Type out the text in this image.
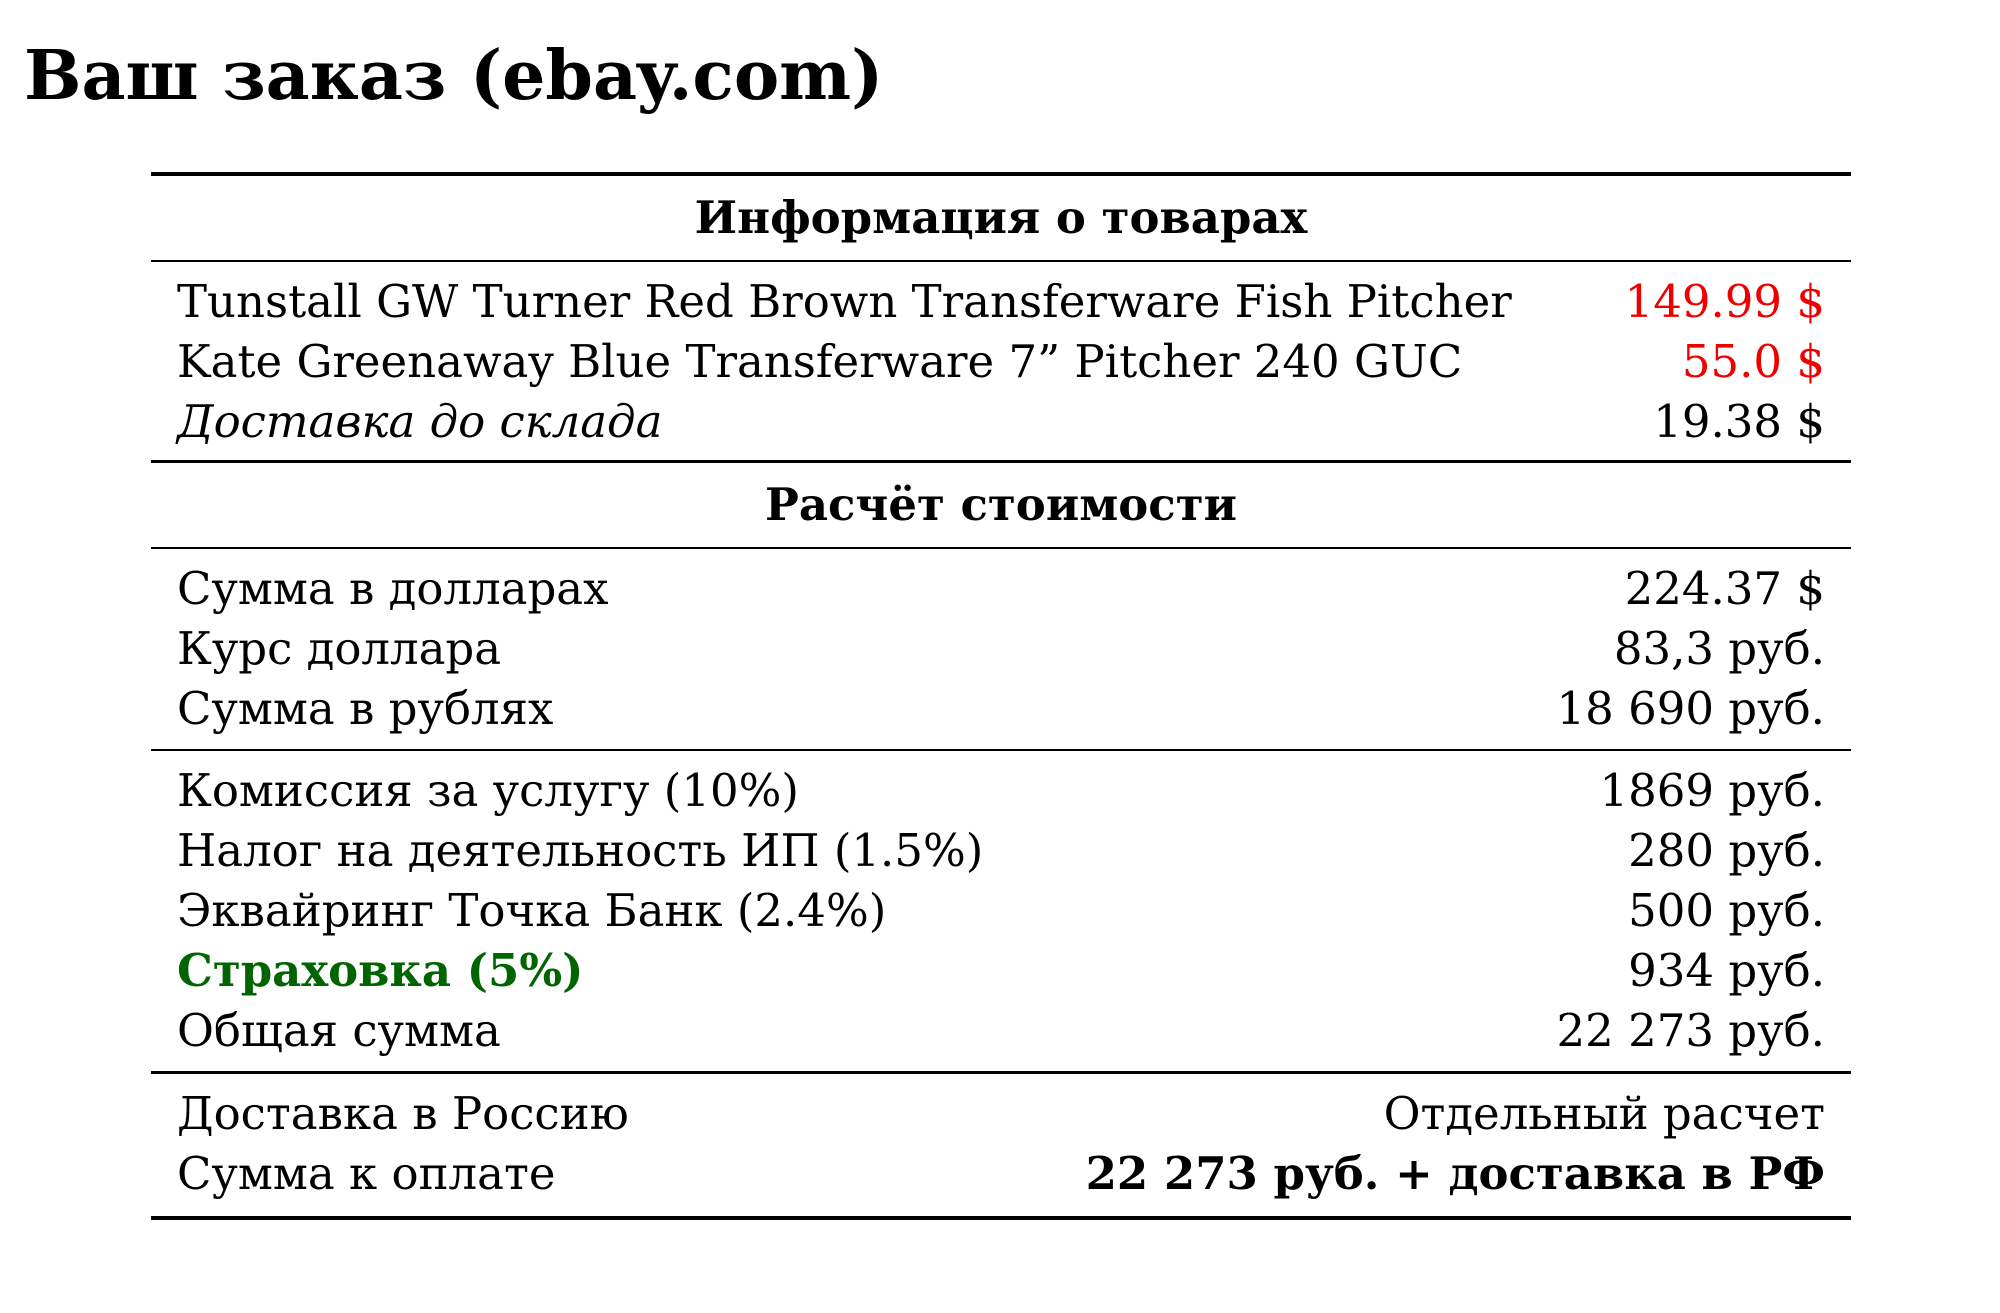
Ваш заказ (ebay.com)
Информация о товарах
Tunstall GW Turner Red Brown Transferware Fish Pitcher	149.99 $
Kate Greenaway Blue Transferware 7” Pitcher 240 GUC	55.0 $
Доставка до склада	19.38 $
Расчёт стоимости
Сумма в долларах	224.37 $
Курс доллара	83,3 руб.
Сумма в рублях	18 690 руб.
Комиссия за услугу (10%)	1869 руб.
Налог на деятельность ИП (1.5%)	280 руб.
Эквайринг Точка Банк (2.4%)	500 руб.
Страховка (5%)	934 руб.
Общая сумма	22 273 руб.
Доставка в Россию	Отдельный расчет
Сумма к оплате	22 273 руб. + доставка в РФ
